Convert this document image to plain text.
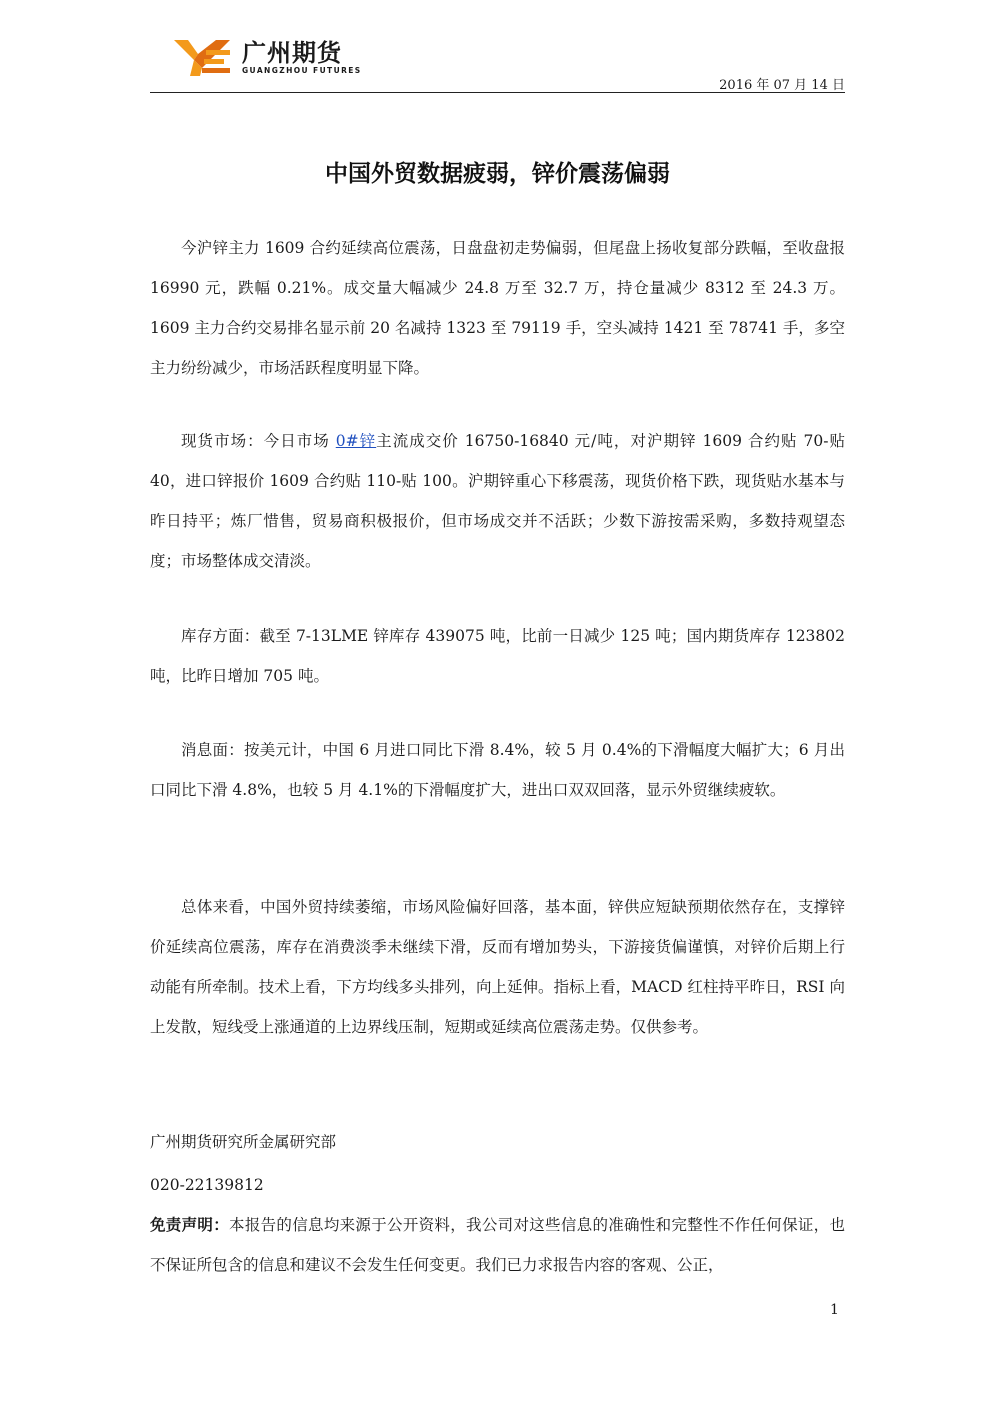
广州期货
GUANGZHOU FUTURES
2016 年 07 月 14 日
中国外贸数据疲弱，锌价震荡偏弱

今沪锌主力 1609 合约延续高位震荡，日盘盘初走势偏弱，但尾盘上扬收复部分跌幅，至收盘报 16990 元，跌幅 0.21%。成交量大幅减少 24.8 万至 32.7 万，持仓量减少 8312 至 24.3 万。1609 主力合约交易排名显示前 20 名减持 1323 至 79119 手，空头减持 1421 至 78741 手，多空主力纷纷减少，市场活跃程度明显下降。

现货市场：今日市场 0#锌主流成交价 16750-16840 元/吨，对沪期锌 1609 合约贴 70-贴 40，进口锌报价 1609 合约贴 110-贴 100。沪期锌重心下移震荡，现货价格下跌，现货贴水基本与昨日持平；炼厂惜售，贸易商积极报价，但市场成交并不活跃；少数下游按需采购，多数持观望态度；市场整体成交清淡。

库存方面：截至 7-13LME 锌库存 439075 吨，比前一日减少 125 吨；国内期货库存 123802 吨，比昨日增加 705 吨。

消息面：按美元计，中国 6 月进口同比下滑 8.4%，较 5 月 0.4%的下滑幅度大幅扩大；6 月出口同比下滑 4.8%，也较 5 月 4.1%的下滑幅度扩大，进出口双双回落，显示外贸继续疲软。

总体来看，中国外贸持续萎缩，市场风险偏好回落，基本面，锌供应短缺预期依然存在，支撑锌价延续高位震荡，库存在消费淡季未继续下滑，反而有增加势头，下游接货偏谨慎，对锌价后期上行动能有所牵制。技术上看，下方均线多头排列，向上延伸。指标上看，MACD 红柱持平昨日，RSI 向上发散，短线受上涨通道的上边界线压制，短期或延续高位震荡走势。仅供参考。

广州期货研究所金属研究部

020-22139812

免责声明：本报告的信息均来源于公开资料，我公司对这些信息的准确性和完整性不作任何保证，也不保证所包含的信息和建议不会发生任何变更。我们已力求报告内容的客观、公正，

1
